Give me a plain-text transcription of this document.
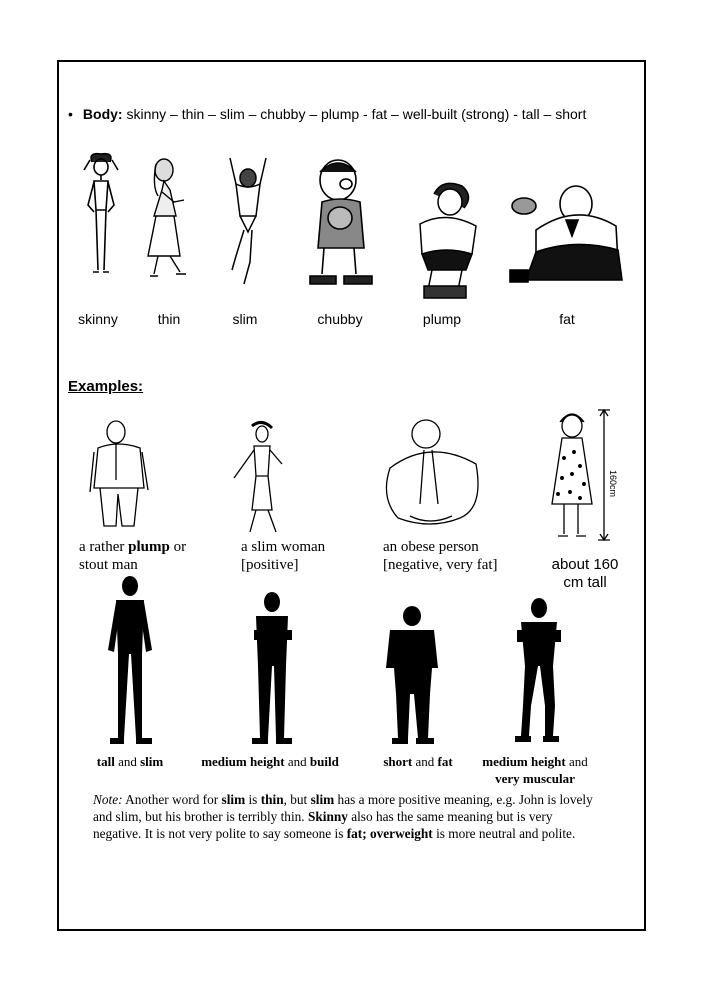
• Body: skinny – thin – slim – chubby – plump - fat – well-built (strong) - tall – short
skinny	thin	slim	chubby	plump	fat
Examples:
160cm
a rather plump or
stout man
a slim woman
[positive]
an obese person
[negative, very fat]	about 160
cm tall
tall and slim	medium height and build	short and fat	medium height and
very muscular
Note: Another word for slim is thin, but slim has a more positive meaning, e.g. John is lovely and slim, but his brother is terribly thin. Skinny also has the same meaning but is very negative. It is not very polite to say someone is fat; overweight is more neutral and polite.
